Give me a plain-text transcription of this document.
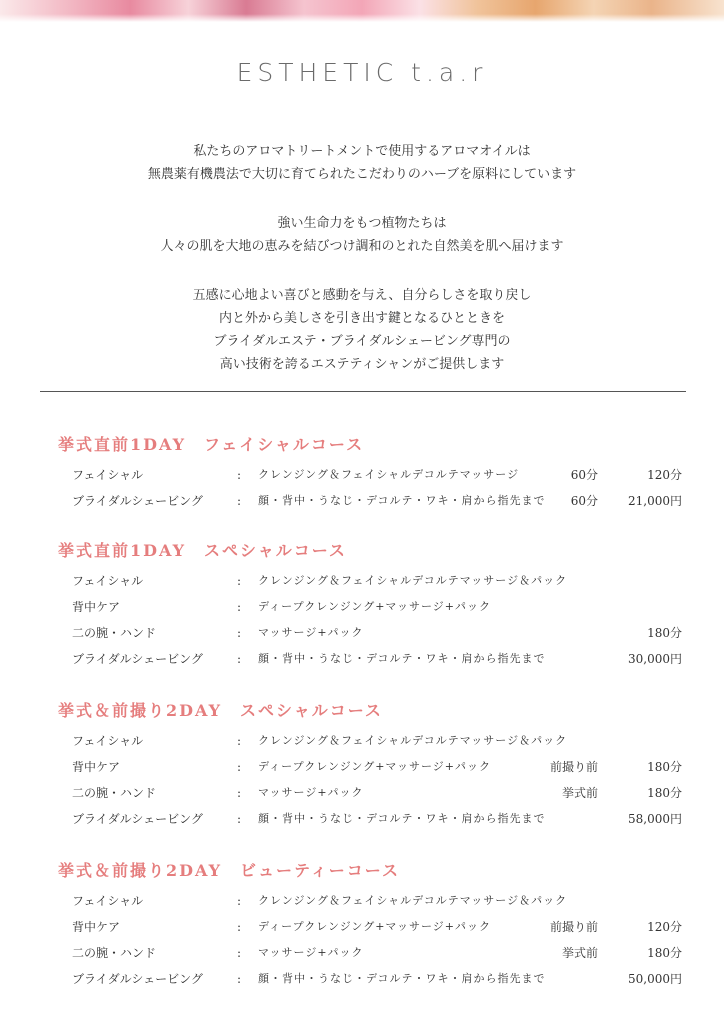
ESTHETIC t.a.r
私たちのアロマトリートメントで使用するアロマオイルは
無農薬有機農法で大切に育てられたこだわりのハーブを原料にしています
強い生命力をもつ植物たちは
人々の肌を大地の恵みを結びつけ調和のとれた自然美を肌へ届けます
五感に心地よい喜びと感動を与え、自分らしさを取り戻し
内と外から美しさを引き出す鍵となるひとときを
ブライダルエステ・ブライダルシェービング専門の
高い技術を誇るエステティシャンがご提供します
挙式直前1DAY　フェイシャルコース
フェイシャル	: クレンジング＆フェイシャルデコルテマッサージ	60分	120分
ブライダルシェービング	: 顔・背中・うなじ・デコルテ・ワキ・肩から指先まで 60分	21,000円
挙式直前1DAY　スペシャルコース
フェイシャル	: クレンジング＆フェイシャルデコルテマッサージ＆パック
背中ケア	: ディープクレンジング+マッサージ+パック
二の腕・ハンド	: マッサージ+パック	180分
ブライダルシェービング	: 顔・背中・うなじ・デコルテ・ワキ・肩から指先まで	30,000円
挙式＆前撮り2DAY　スペシャルコース
フェイシャル	: クレンジング＆フェイシャルデコルテマッサージ＆パック
背中ケア	: ディープクレンジング+マッサージ+パック	前撮り前	180分
二の腕・ハンド	: マッサージ+パック	挙式前	180分
ブライダルシェービング	: 顔・背中・うなじ・デコルテ・ワキ・肩から指先まで	58,000円
挙式＆前撮り2DAY　ビューティーコース
フェイシャル	: クレンジング＆フェイシャルデコルテマッサージ＆パック
背中ケア	: ディープクレンジング+マッサージ+パック	前撮り前	120分
二の腕・ハンド	: マッサージ+パック	挙式前	180分
ブライダルシェービング	: 顔・背中・うなじ・デコルテ・ワキ・肩から指先まで	50,000円
